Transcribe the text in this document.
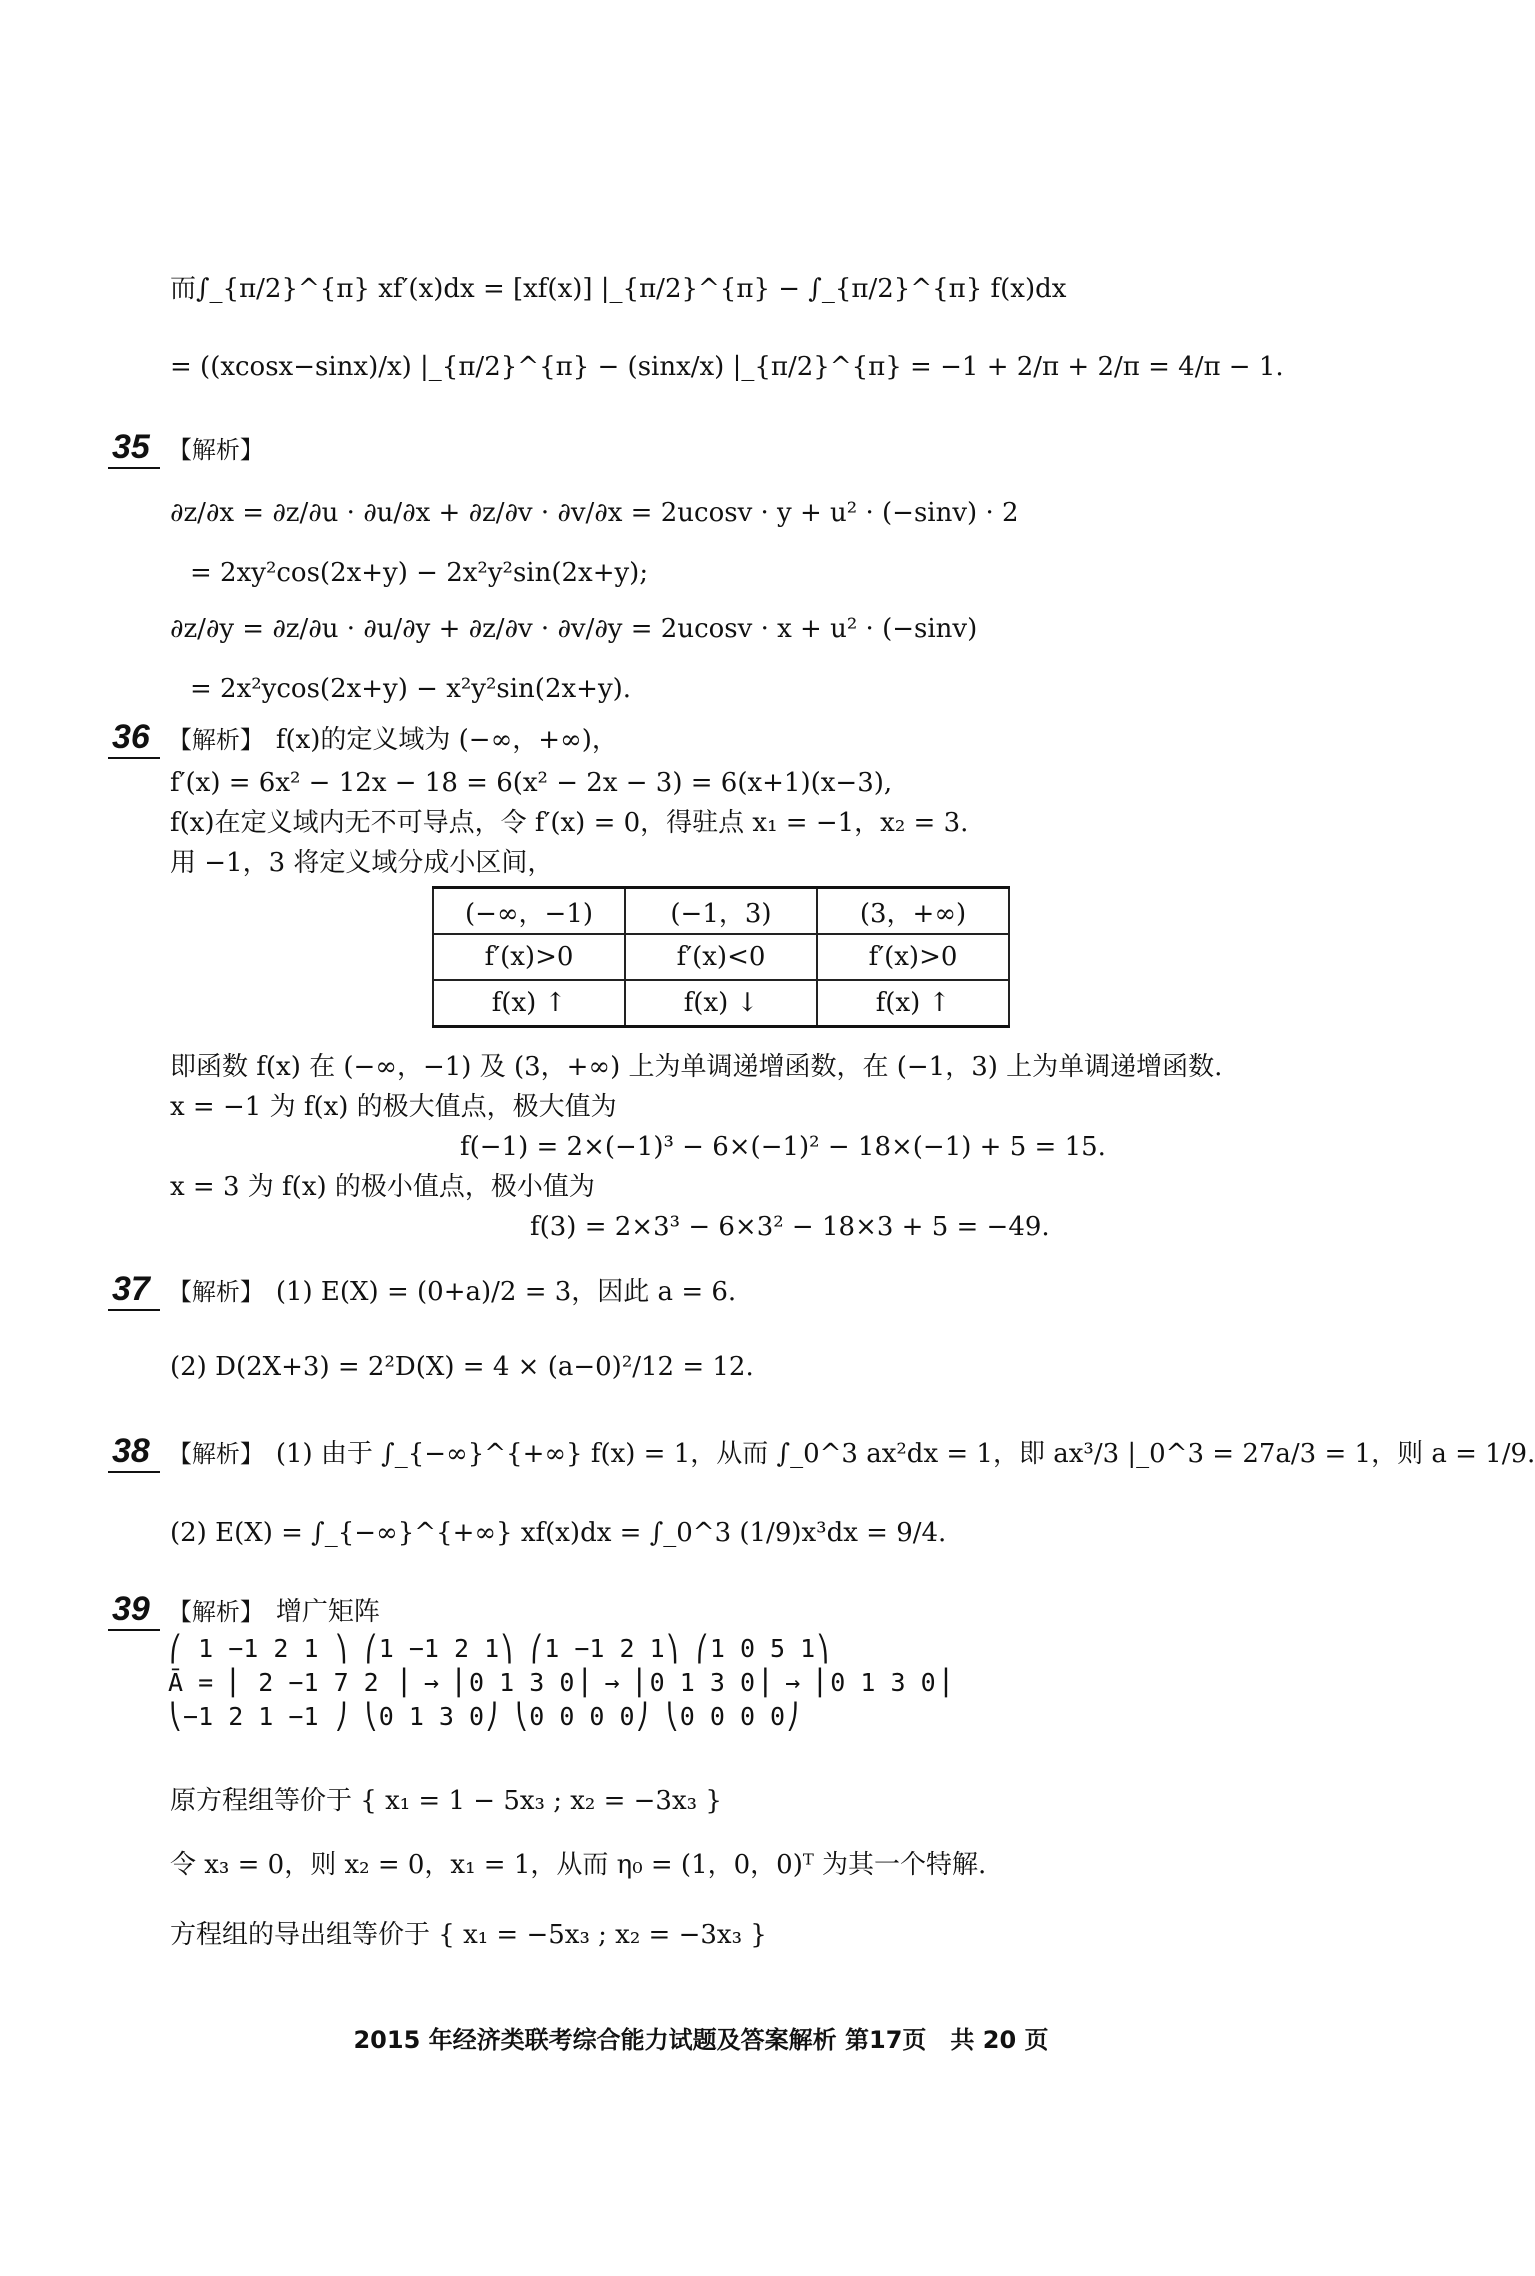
而∫_{π/2}^{π} xf′(x)dx = [xf(x)] |_{π/2}^{π} − ∫_{π/2}^{π} f(x)dx
= ((xcosx−sinx)/x) |_{π/2}^{π} − (sinx/x) |_{π/2}^{π} = −1 + 2/π + 2/π = 4/π − 1.
35 【解析】
∂z/∂x = ∂z/∂u · ∂u/∂x + ∂z/∂v · ∂v/∂x = 2ucosv · y + u² · (−sinv) · 2
= 2xy²cos(2x+y) − 2x²y²sin(2x+y);
∂z/∂y = ∂z/∂u · ∂u/∂y + ∂z/∂v · ∂v/∂y = 2ucosv · x + u² · (−sinv)
= 2x²ycos(2x+y) − x²y²sin(2x+y).
36 【解析】 f(x)的定义域为 (−∞，+∞)，
f′(x) = 6x² − 12x − 18 = 6(x² − 2x − 3) = 6(x+1)(x−3),
f(x)在定义域内无不可导点，令 f′(x) = 0，得驻点 x₁ = −1，x₂ = 3.
用 −1，3 将定义域分成小区间，
(−∞，−1)	(−1，3)	(3，+∞)
f′(x)>0	f′(x)<0	f′(x)>0
f(x) ↑	f(x) ↓	f(x) ↑
即函数 f(x) 在 (−∞，−1) 及 (3，+∞) 上为单调递增函数，在 (−1，3) 上为单调递增函数.
x = −1 为 f(x) 的极大值点，极大值为
f(−1) = 2×(−1)³ − 6×(−1)² − 18×(−1) + 5 = 15.
x = 3 为 f(x) 的极小值点，极小值为
f(3) = 2×3³ − 6×3² − 18×3 + 5 = −49.
37 【解析】 (1) E(X) = (0+a)/2 = 3，因此 a = 6.
(2) D(2X+3) = 2²D(X) = 4 × (a−0)²/12 = 12.
38 【解析】 (1) 由于 ∫_{−∞}^{+∞} f(x) = 1，从而 ∫_0^3 ax²dx = 1，即 ax³/3 |_0^3 = 27a/3 = 1，则 a = 1/9.
(2) E(X) = ∫_{−∞}^{+∞} xf(x)dx = ∫_0^3 (1/9)x³dx = 9/4.
39 【解析】 增广矩阵
⎛ 1 −1 2 1 ⎞ ⎛1 −1 2 1⎞ ⎛1 −1 2 1⎞ ⎛1 0 5 1⎞
Ā = ⎜ 2 −1 7 2 ⎟ → ⎜0 1 3 0⎟ → ⎜0 1 3 0⎟ → ⎜0 1 3 0⎟
⎝−1 2 1 −1 ⎠ ⎝0 1 3 0⎠ ⎝0 0 0 0⎠ ⎝0 0 0 0⎠
原方程组等价于 { x₁ = 1 − 5x₃ ; x₂ = −3x₃ }
令 x₃ = 0，则 x₂ = 0，x₁ = 1，从而 η₀ = (1，0，0)ᵀ 为其一个特解.
方程组的导出组等价于 { x₁ = −5x₃ ; x₂ = −3x₃ }
2015 年经济类联考综合能力试题及答案解析 第17页　共 20 页
